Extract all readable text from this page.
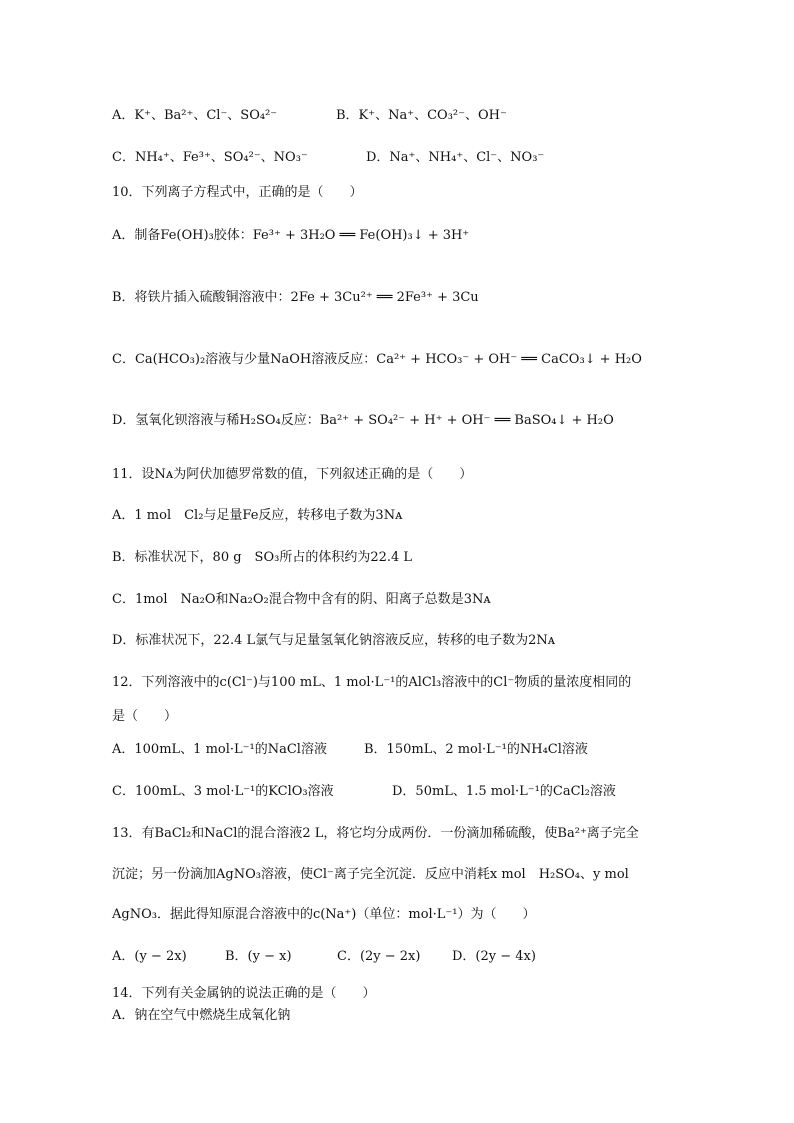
A．K⁺、Ba²⁺、Cl⁻、SO₄²⁻	B．K⁺、Na⁺、CO₃²⁻、OH⁻
C．NH₄⁺、Fe³⁺、SO₄²⁻、NO₃⁻	D．Na⁺、NH₄⁺、Cl⁻、NO₃⁻
10．下列离子方程式中，正确的是（　　）
A．制备Fe(OH)₃胶体：Fe³⁺ + 3H₂O ══ Fe(OH)₃↓ + 3H⁺
B．将铁片插入硫酸铜溶液中：2Fe + 3Cu²⁺ ══ 2Fe³⁺ + 3Cu
C．Ca(HCO₃)₂溶液与少量NaOH溶液反应：Ca²⁺ + HCO₃⁻ + OH⁻ ══ CaCO₃↓ + H₂O
D．氢氧化钡溶液与稀H₂SO₄反应：Ba²⁺ + SO₄²⁻ + H⁺ + OH⁻ ══ BaSO₄↓ + H₂O
11．设Nᴀ为阿伏加德罗常数的值，下列叙述正确的是（　　）
A．1 mol　Cl₂与足量Fe反应，转移电子数为3Nᴀ
B．标准状况下，80 g　SO₃所占的体积约为22.4 L
C．1mol　Na₂O和Na₂O₂混合物中含有的阴、阳离子总数是3Nᴀ
D．标准状况下，22.4 L氯气与足量氢氧化钠溶液反应，转移的电子数为2Nᴀ
12．下列溶液中的c(Cl⁻)与100 mL、1 mol·L⁻¹的AlCl₃溶液中的Cl⁻物质的量浓度相同的
是（　　）
A．100mL、1 mol·L⁻¹的NaCl溶液	B．150mL、2 mol·L⁻¹的NH₄Cl溶液
C．100mL、3 mol·L⁻¹的KClO₃溶液	D．50mL、1.5 mol·L⁻¹的CaCl₂溶液
13．有BaCl₂和NaCl的混合溶液2 L，将它均分成两份．一份滴加稀硫酸，使Ba²⁺离子完全
沉淀；另一份滴加AgNO₃溶液，使Cl⁻离子完全沉淀．反应中消耗x mol　H₂SO₄、y mol
AgNO₃．据此得知原混合溶液中的c(Na⁺)（单位：mol·L⁻¹）为（　　）
A．(y − 2x)	B．(y − x)	C．(2y − 2x) D．(2y − 4x)
14．下列有关金属钠的说法正确的是（　　）
A．钠在空气中燃烧生成氧化钠
